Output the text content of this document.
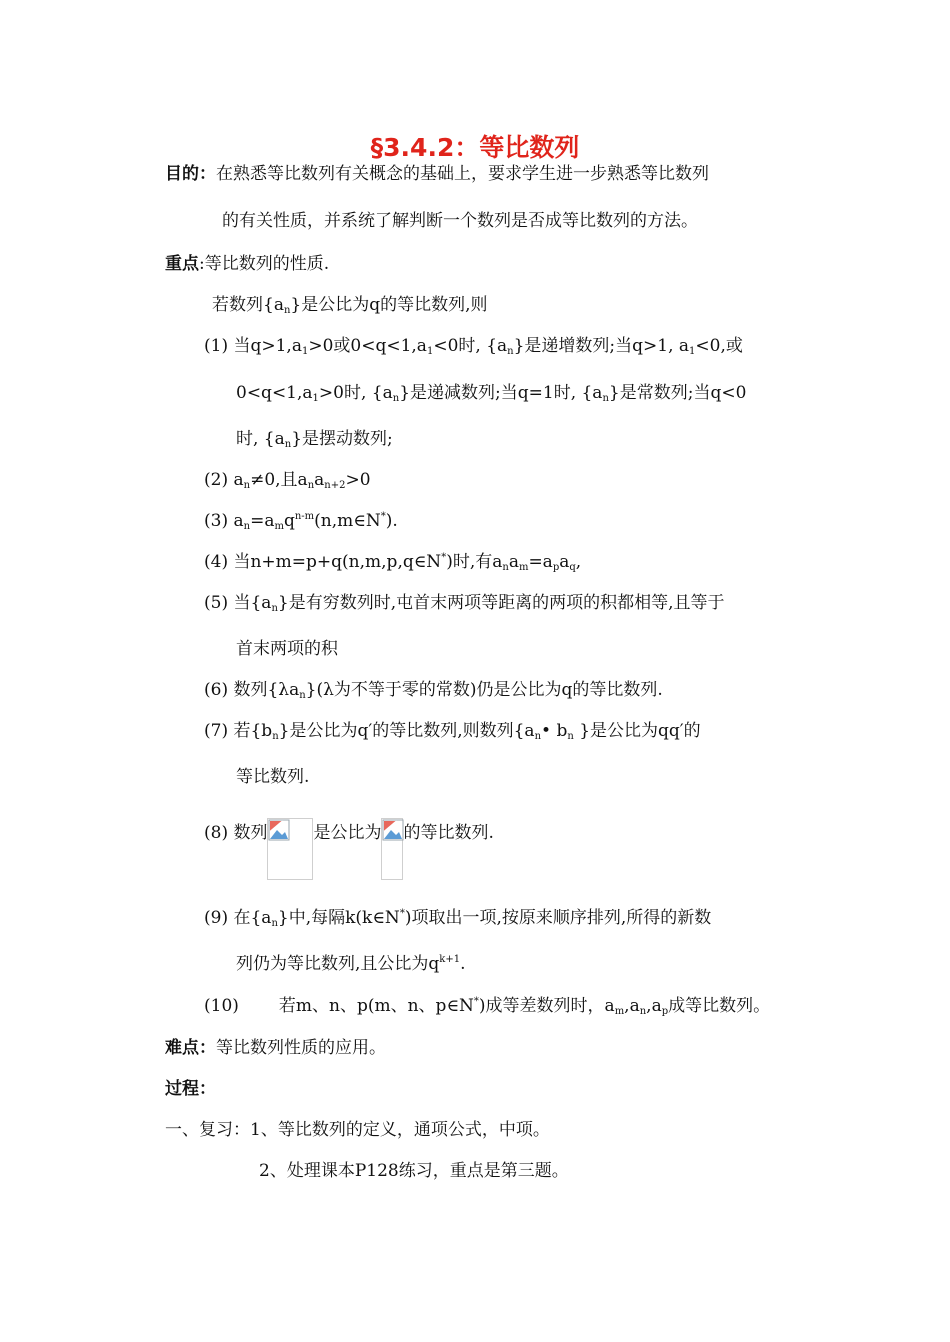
§3.4.2：等比数列
目的：在熟悉等比数列有关概念的基础上，要求学生进一步熟悉等比数列
的有关性质，并系统了解判断一个数列是否成等比数列的方法。
重点:等比数列的性质.
若数列$\{a_n\}$是公比为q的等比数列,则
(1) 当$q>1,a_1>0$或$0<q<1,a_1<0$时, $\{a_n\}$是递增数列;当q>1, $a_1<0$,或
$0<q<1,a_1>0$时, $\{a_n\}$是递减数列;当q=1时, $\{a_n\}$是常数列;当q<0
时, $\{a_n\}$是摆动数列;
(2) $a_n\ne 0$,且$a_na_{n+2}>0$
(3) $a_n=a_mq^{n-m}(n,m\in N^*)$.
(4) 当n+m=p+q(n,m,p,q∈N*)时,有$a_na_m=a_pa_q$,
(5) 当$\{a_n\}$是有穷数列时,屯首末两项等距离的两项的积都相等,且等于
首末两项的积
(6) 数列$\{\lambda a_n\}(\lambda$为不等于零的常数)仍是公比为q的等比数列.
(7) 若$\{b_n\}$是公比为q′的等比数列,则数列{$a_n•$ $b_n$ }是公比为qq′的
等比数列.
(8) 数列	是公比为 的等比数列.
(9) 在$\{a_n\}$中,每隔k(k∈N*)项取出一项,按原来顺序排列,所得的新数
列仍为等比数列,且公比为$q^{k+1}$.
(10) 若m、n、p(m、n、p∈N*)成等差数列时，$a_m,a_n,a_p$成等比数列。
难点：等比数列性质的应用。
过程：
一、复习：1、等比数列的定义，通项公式，中项。
2、处理课本P128练习，重点是第三题。
